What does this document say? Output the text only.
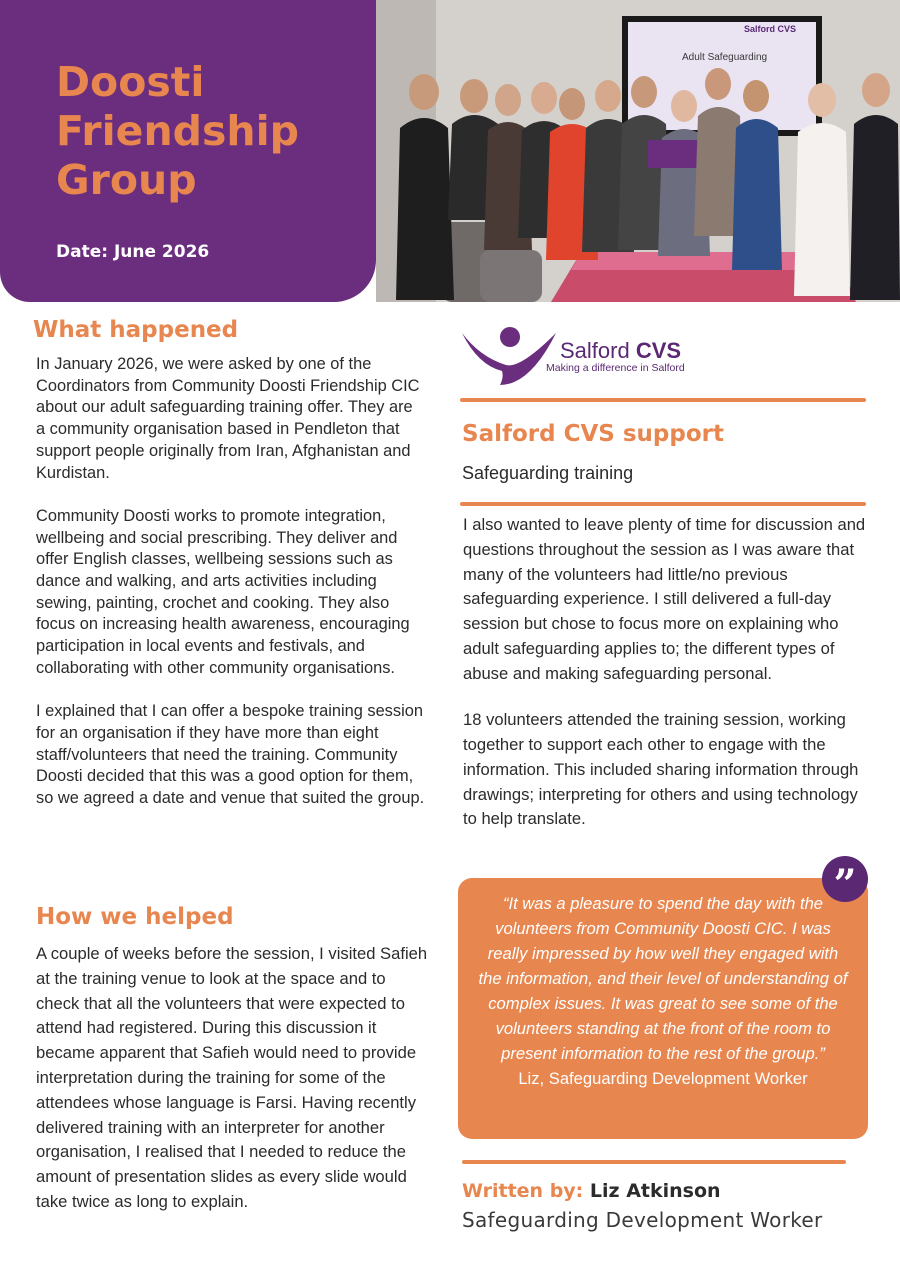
Doosti Friendship Group
Date: June 2026
Salford CVS
Adult Safeguarding
What happened

In January 2026, we were asked by one of the Coordinators from Community Doosti Friendship CIC about our adult safeguarding training offer. They are a community organisation based in Pendleton that support people originally from Iran, Afghanistan and Kurdistan.

Community Doosti works to promote integration, wellbeing and social prescribing. They deliver and offer English classes, wellbeing sessions such as dance and walking, and arts activities including sewing, painting, crochet and cooking. They also focus on increasing health awareness, encouraging participation in local events and festivals, and collaborating with other community organisations.

I explained that I can offer a bespoke training session for an organisation if they have more than eight staff/volunteers that need the training. Community Doosti decided that this was a good option for them, so we agreed a date and venue that suited the group.

How we helped

A couple of weeks before the session, I visited Safieh at the training venue to look at the space and to check that all the volunteers that were expected to attend had registered. During this discussion it became apparent that Safieh would need to provide interpretation during the training for some of the attendees whose language is Farsi. Having recently delivered training with an interpreter for another organisation, I realised that I needed to reduce the amount of presentation slides as every slide would take twice as long to explain.

Salford CVS
Making a difference in Salford
Salford CVS support
Safeguarding training

I also wanted to leave plenty of time for discussion and questions throughout the session as I was aware that many of the volunteers had little/no previous safeguarding experience. I still delivered a full-day session but chose to focus more on explaining who adult safeguarding applies to; the different types of abuse and making safeguarding personal.

18 volunteers attended the training session, working together to support each other to engage with the information. This included sharing information through drawings; interpreting for others and using technology to help translate.

“It was a pleasure to spend the day with the volunteers from Community Doosti CIC. I was really impressed by how well they engaged with the information, and their level of understanding of complex issues. It was great to see some of the volunteers standing at the front of the room to present information to the rest of the group.”
Liz, Safeguarding Development Worker
”
Written by: Liz Atkinson
Safeguarding Development Worker
